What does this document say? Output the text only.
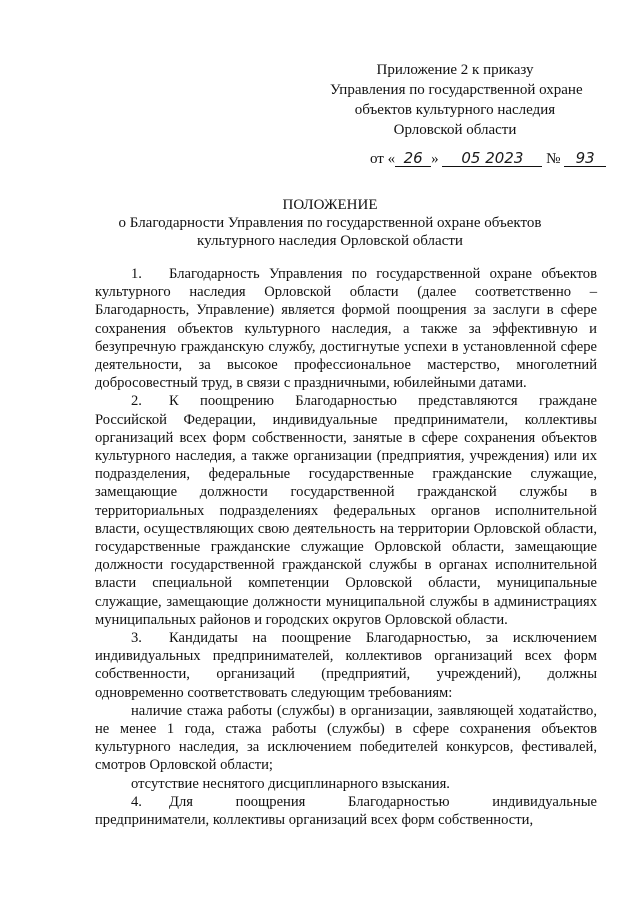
Приложение 2 к приказу
Управления по государственной охране
объектов культурного наследия
Орловской области
от « 26 » 05 2023 № 93
ПОЛОЖЕНИЕ
о Благодарности Управления по государственной охране объектов
культурного наследия Орловской области

1. Благодарность Управления по государственной охране объектов культурного наследия Орловской области (далее соответственно – Благодарность, Управление) является формой поощрения за заслуги в сфере сохранения объектов культурного наследия, а также за эффективную и безупречную гражданскую службу, достигнутые успехи в установленной сфере деятельности, за высокое профессиональное мастерство, многолетний добросовестный труд, в связи с праздничными, юбилейными датами.

2. К поощрению Благодарностью представляются граждане Российской Федерации, индивидуальные предприниматели, коллективы организаций всех форм собственности, занятые в сфере сохранения объектов культурного наследия, а также организации (предприятия, учреждения) или их подразделения, федеральные государственные гражданские служащие, замещающие должности государственной гражданской службы в территориальных подразделениях федеральных органов исполнительной власти, осуществляющих свою деятельность на территории Орловской области, государственные гражданские служащие Орловской области, замещающие должности государственной гражданской службы в органах исполнительной власти специальной компетенции Орловской области, муниципальные служащие, замещающие должности муниципальной службы в администрациях муниципальных районов и городских округов Орловской области.

3. Кандидаты на поощрение Благодарностью, за исключением индивидуальных предпринимателей, коллективов организаций всех форм собственности, организаций (предприятий, учреждений), должны одновременно соответствовать следующим требованиям:

наличие стажа работы (службы) в организации, заявляющей ходатайство, не менее 1 года, стажа работы (службы) в сфере сохранения объектов культурного наследия, за исключением победителей конкурсов, фестивалей, смотров Орловской области;

отсутствие неснятого дисциплинарного взыскания.

4. Для поощрения Благодарностью индивидуальные предприниматели, коллективы организаций всех форм собственности,
